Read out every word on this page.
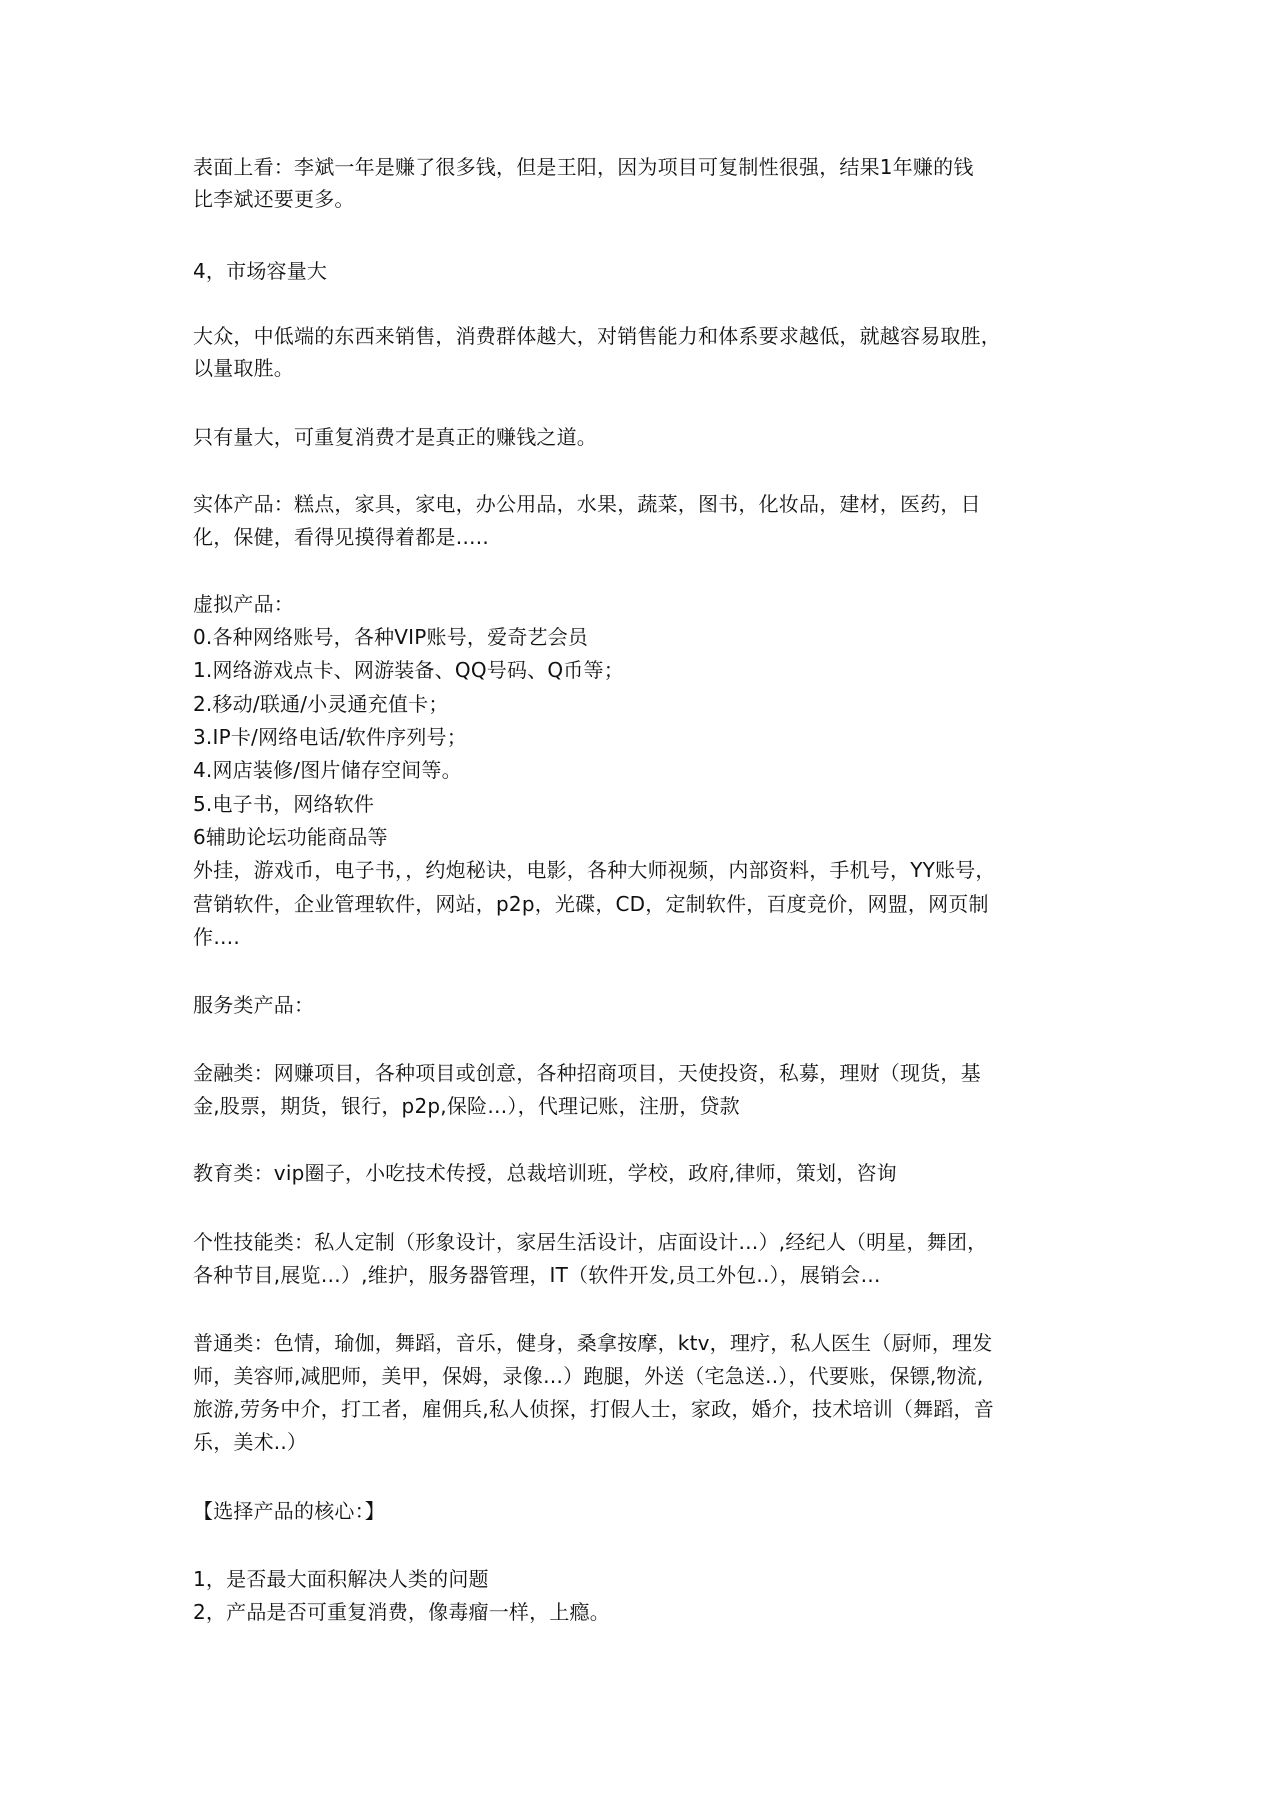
表面上看：李斌一年是赚了很多钱，但是王阳，因为项目可复制性很强，结果1年赚的钱
比李斌还要更多。
4，市场容量大
大众，中低端的东西来销售，消费群体越大，对销售能力和体系要求越低，就越容易取胜，
以量取胜。
只有量大，可重复消费才是真正的赚钱之道。
实体产品：糕点，家具，家电，办公用品，水果，蔬菜，图书，化妆品，建材，医药，日
化，保健，看得见摸得着都是…..
虚拟产品：
0.各种网络账号，各种VIP账号，爱奇艺会员
1.网络游戏点卡、网游装备、QQ号码、Q币等；
2.移动/联通/小灵通充值卡；
3.IP卡/网络电话/软件序列号；
4.网店装修/图片储存空间等。
5.电子书，网络软件
6辅助论坛功能商品等
外挂，游戏币，电子书，，约炮秘诀，电影，各种大师视频，内部资料，手机号，YY账号，
营销软件，企业管理软件，网站，p2p，光碟，CD，定制软件，百度竞价，网盟，网页制
作….
服务类产品：
金融类：网赚项目，各种项目或创意，各种招商项目，天使投资，私募，理财（现货，基
金,股票，期货，银行，p2p,保险…），代理记账，注册，贷款
教育类：vip圈子，小吃技术传授，总裁培训班，学校，政府,律师，策划，咨询
个性技能类：私人定制（形象设计，家居生活设计，店面设计…）,经纪人（明星，舞团，
各种节目,展览…）,维护，服务器管理，IT（软件开发,员工外包..），展销会…
普通类：色情，瑜伽，舞蹈，音乐，健身，桑拿按摩，ktv，理疗，私人医生（厨师，理发
师，美容师,减肥师，美甲，保姆，录像…）跑腿，外送（宅急送..），代要账，保镖,物流,
旅游,劳务中介，打工者，雇佣兵,私人侦探，打假人士，家政，婚介，技术培训（舞蹈，音
乐，美术..）
【选择产品的核心：】
1，是否最大面积解决人类的问题
2，产品是否可重复消费，像毒瘤一样，上瘾。
